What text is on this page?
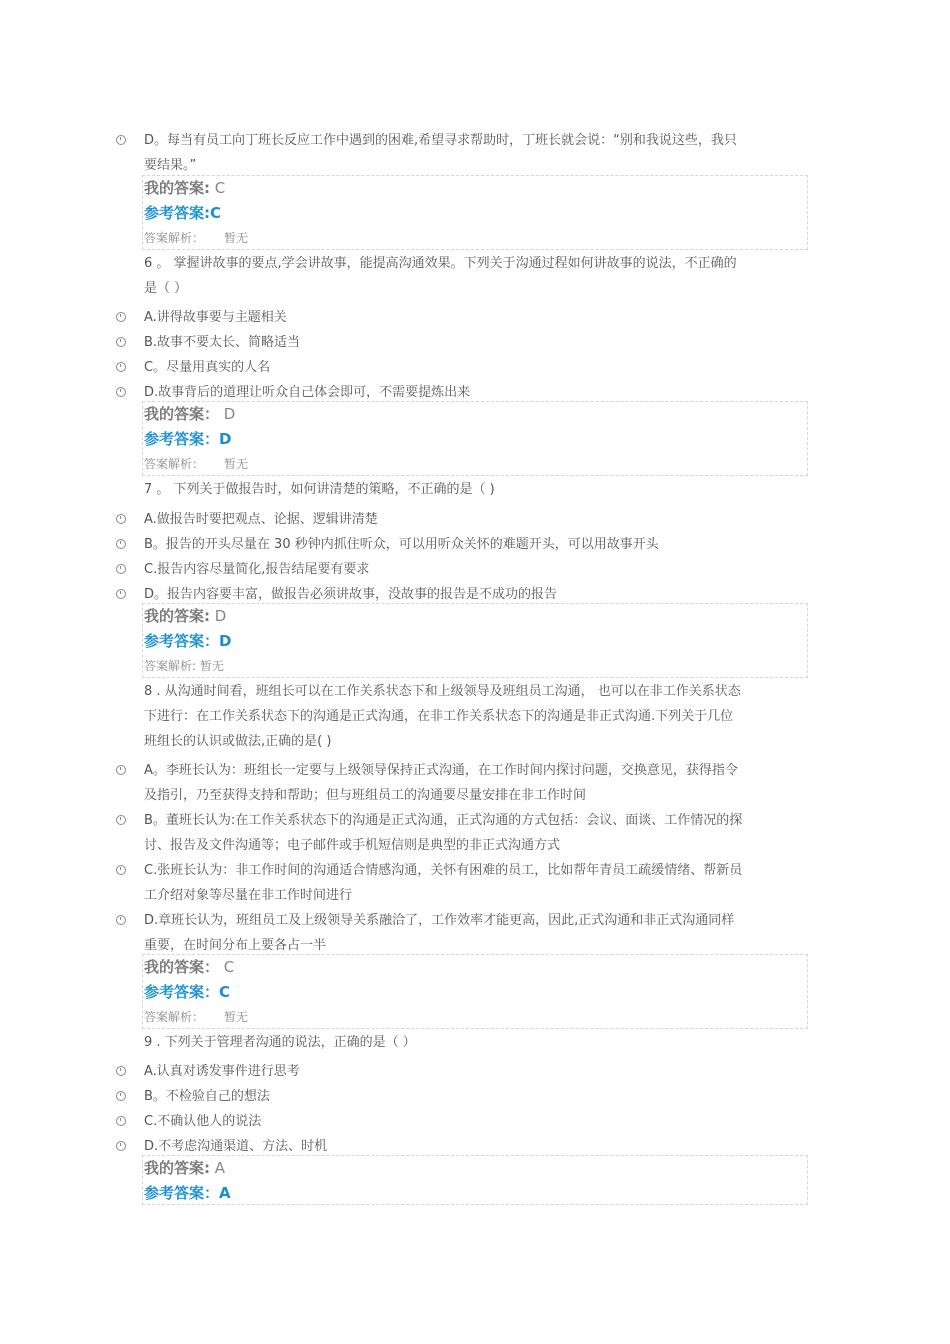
D。每当有员工向丁班长反应工作中遇到的困难,希望寻求帮助时，丁班长就会说：“别和我说这些，我只
要结果。”
我的答案: C
参考答案:C
答案解析： 暂无
6 。 掌握讲故事的要点,学会讲故事，能提高沟通效果。下列关于沟通过程如何讲故事的说法，不正确的
是（ ）
A.讲得故事要与主题相关
B.故事不要太长、简略适当
C。尽量用真实的人名
D.故事背后的道理让听众自己体会即可，不需要提炼出来
我的答案： D
参考答案：D
答案解析： 暂无
7 。 下列关于做报告时，如何讲清楚的策略，不正确的是（ )
A.做报告时要把观点、论据、逻辑讲清楚
B。报告的开头尽量在 30 秒钟内抓住听众，可以用听众关怀的难题开头，可以用故事开头
C.报告内容尽量简化,报告结尾要有要求
D。报告内容要丰富，做报告必须讲故事，没故事的报告是不成功的报告
我的答案: D
参考答案：D
答案解析: 暂无
8 . 从沟通时间看，班组长可以在工作关系状态下和上级领导及班组员工沟通， 也可以在非工作关系状态
下进行：在工作关系状态下的沟通是正式沟通，在非工作关系状态下的沟通是非正式沟通.下列关于几位
班组长的认识或做法,正确的是( )
A。李班长认为：班组长一定要与上级领导保持正式沟通，在工作时间内探讨问题，交换意见，获得指令
及指引，乃至获得支持和帮助；但与班组员工的沟通要尽量安排在非工作时间
B。董班长认为:在工作关系状态下的沟通是正式沟通，正式沟通的方式包括：会议、面谈、工作情况的探
讨、报告及文件沟通等；电子邮件或手机短信则是典型的非正式沟通方式
C.张班长认为：非工作时间的沟通适合情感沟通，关怀有困难的员工，比如帮年青员工疏缓情绪、帮新员
工介绍对象等尽量在非工作时间进行
D.章班长认为，班组员工及上级领导关系融洽了，工作效率才能更高，因此,正式沟通和非正式沟通同样
重要，在时间分布上要各占一半
我的答案： C
参考答案：C
答案解析： 暂无
9 . 下列关于管理者沟通的说法，正确的是（ ）
A.认真对诱发事件进行思考
B。不检验自己的想法
C.不确认他人的说法
D.不考虑沟通渠道、方法、时机
我的答案: A
参考答案：A
